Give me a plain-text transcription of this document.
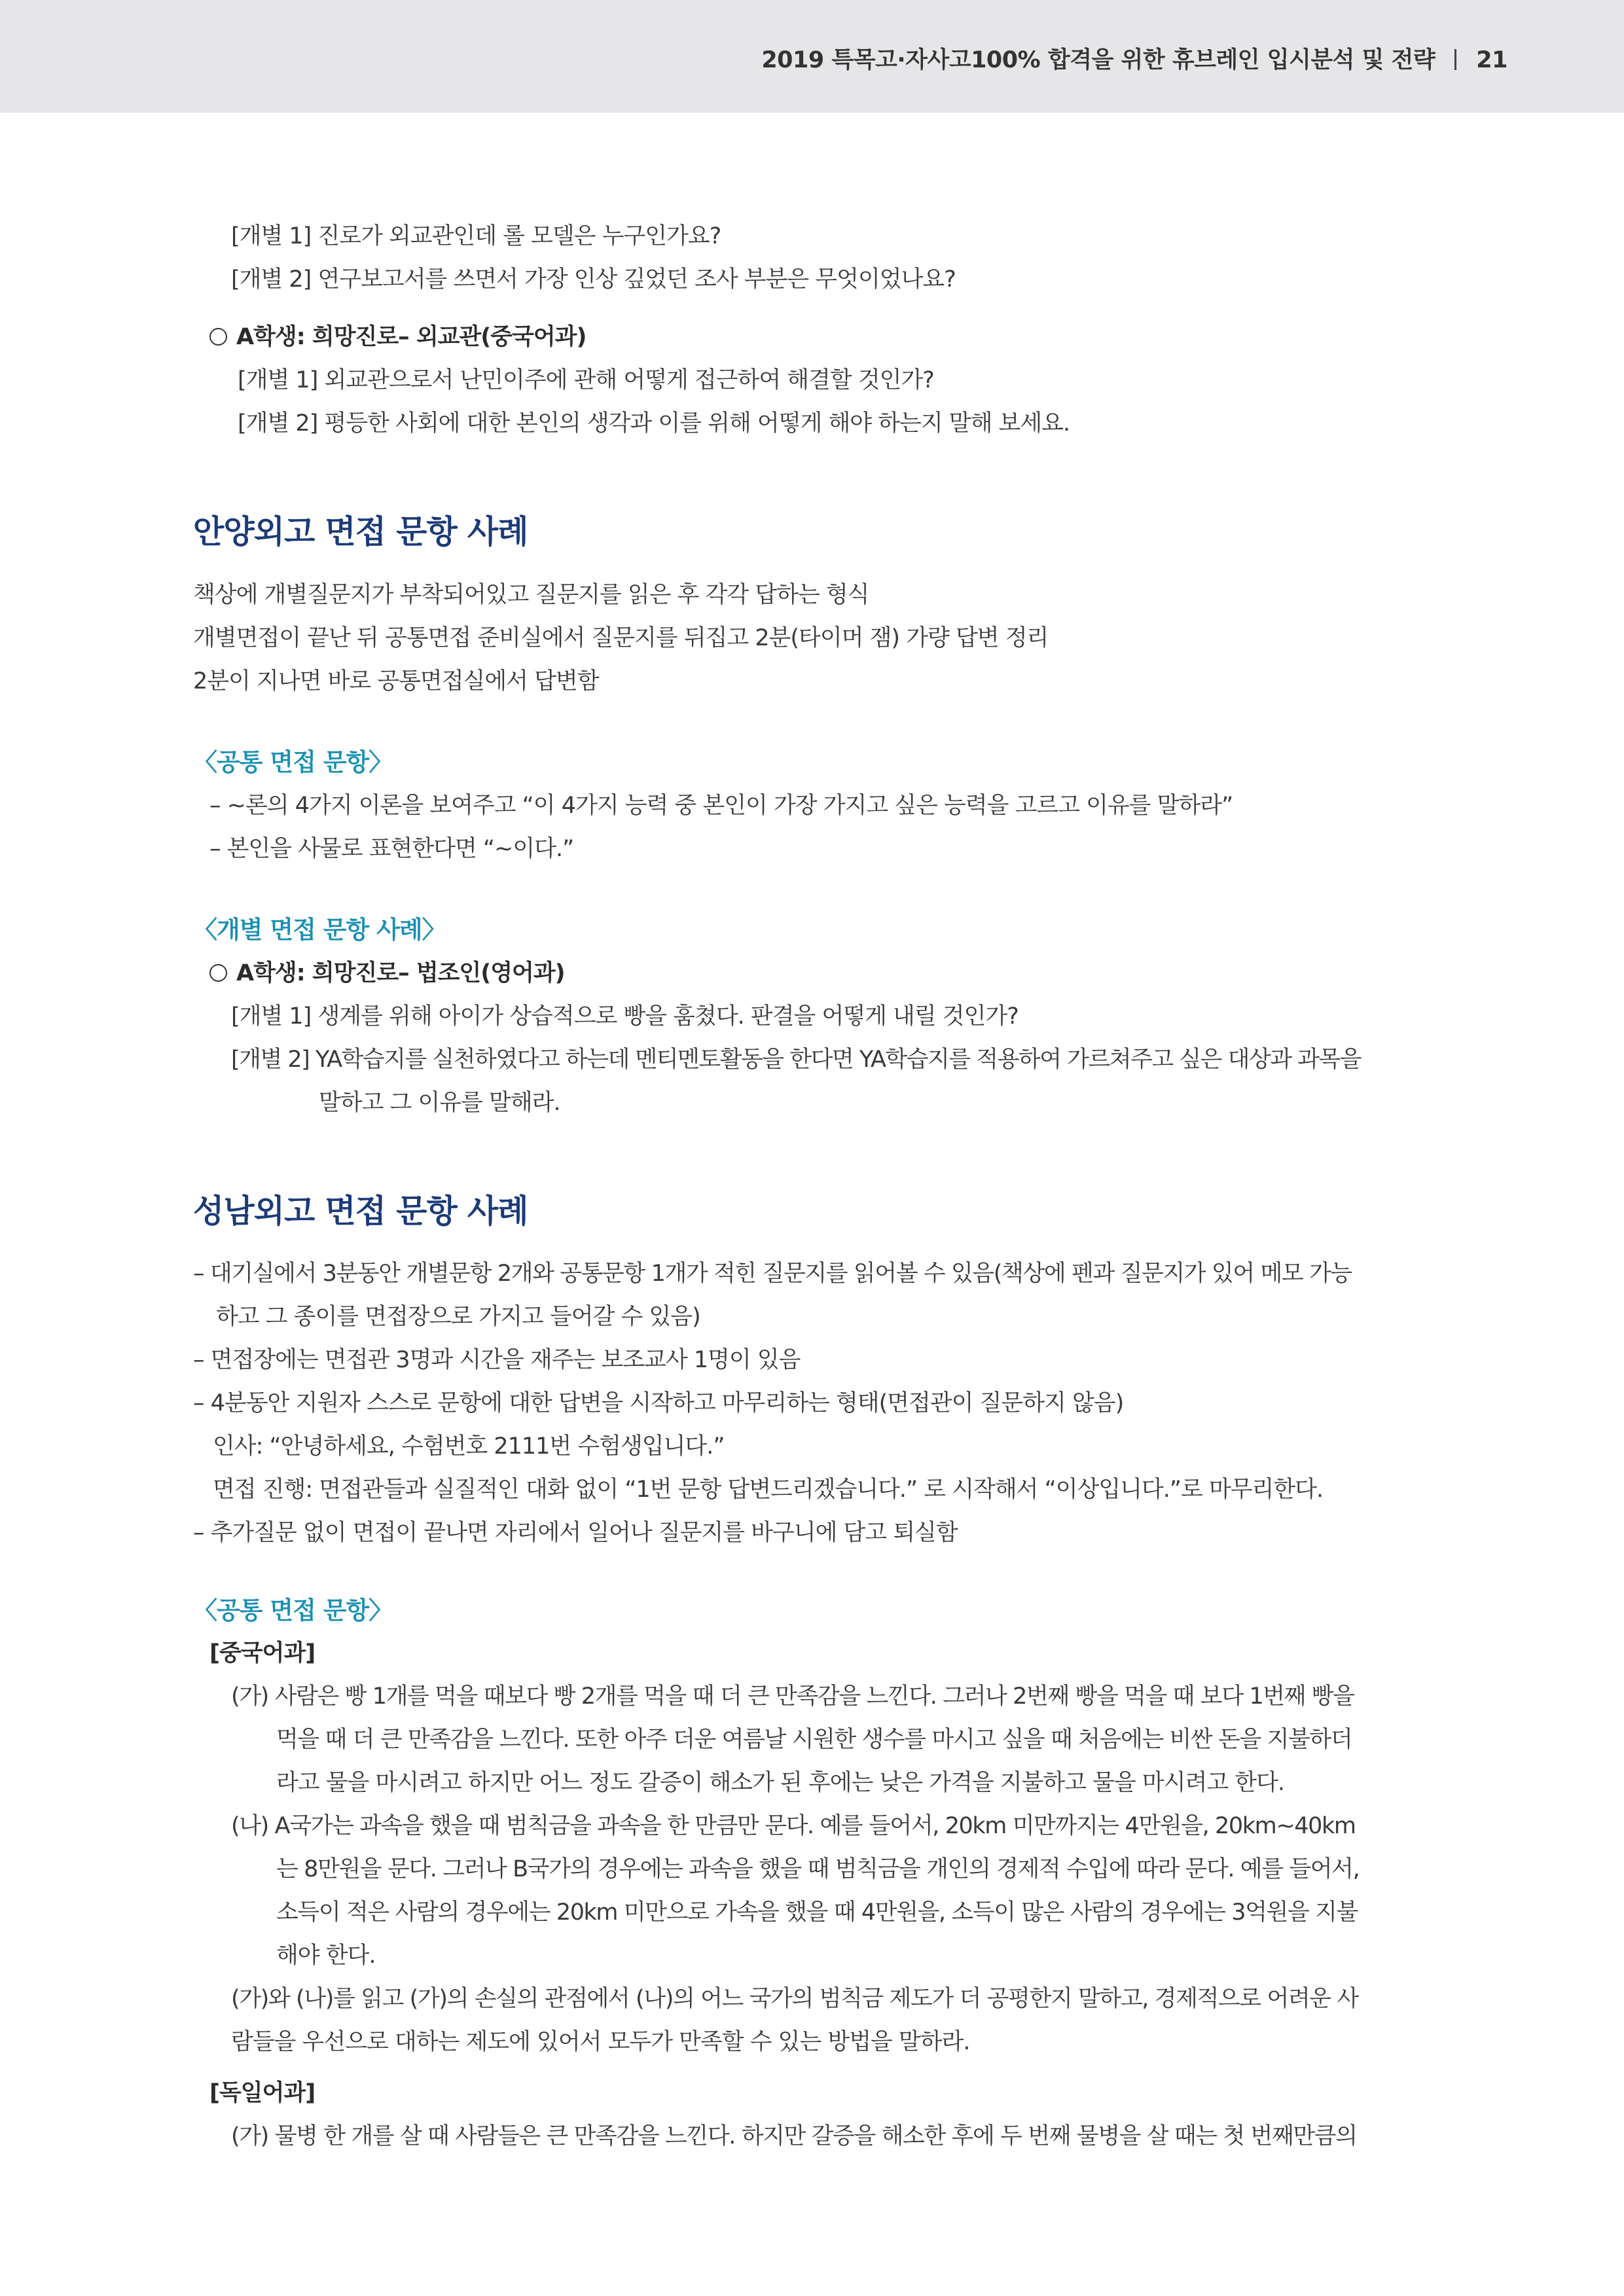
2019 특목고·자사고100% 합격을 위한 휴브레인 입시분석 및 전략 21
[개별 1] 진로가 외교관인데 롤 모델은 누구인가요?
[개별 2] 연구보고서를 쓰면서 가장 인상 깊었던 조사 부분은 무엇이었나요?
A학생: 희망진로– 외교관(중국어과)
[개별 1] 외교관으로서 난민이주에 관해 어떻게 접근하여 해결할 것인가?
[개별 2] 평등한 사회에 대한 본인의 생각과 이를 위해 어떻게 해야 하는지 말해 보세요.
안양외고 면접 문항 사례
책상에 개별질문지가 부착되어있고 질문지를 읽은 후 각각 답하는 형식
개별면접이 끝난 뒤 공통면접 준비실에서 질문지를 뒤집고 2분(타이머 잼) 가량 답변 정리
2분이 지나면 바로 공통면접실에서 답변함
〈공통 면접 문항〉
– ~론의 4가지 이론을 보여주고 “이 4가지 능력 중 본인이 가장 가지고 싶은 능력을 고르고 이유를 말하라”
– 본인을 사물로 표현한다면 “~이다.”
〈개별 면접 문항 사례〉
A학생: 희망진로– 법조인(영어과)
[개별 1] 생계를 위해 아이가 상습적으로 빵을 훔쳤다. 판결을 어떻게 내릴 것인가?
[개별 2] YA학습지를 실천하였다고 하는데 멘티멘토활동을 한다면 YA학습지를 적용하여 가르쳐주고 싶은 대상과 과목을
말하고 그 이유를 말해라.
성남외고 면접 문항 사례
– 대기실에서 3분동안 개별문항 2개와 공통문항 1개가 적힌 질문지를 읽어볼 수 있음(책상에 펜과 질문지가 있어 메모 가능
하고 그 종이를 면접장으로 가지고 들어갈 수 있음)
– 면접장에는 면접관 3명과 시간을 재주는 보조교사 1명이 있음
– 4분동안 지원자 스스로 문항에 대한 답변을 시작하고 마무리하는 형태(면접관이 질문하지 않음)
인사: “안녕하세요, 수험번호 2111번 수험생입니다.”
면접 진행: 면접관들과 실질적인 대화 없이 “1번 문항 답변드리겠습니다.” 로 시작해서 “이상입니다.”로 마무리한다.
– 추가질문 없이 면접이 끝나면 자리에서 일어나 질문지를 바구니에 담고 퇴실함
〈공통 면접 문항〉
[중국어과]
(가) 사람은 빵 1개를 먹을 때보다 빵 2개를 먹을 때 더 큰 만족감을 느낀다. 그러나 2번째 빵을 먹을 때 보다 1번째 빵을
먹을 때 더 큰 만족감을 느낀다. 또한 아주 더운 여름날 시원한 생수를 마시고 싶을 때 처음에는 비싼 돈을 지불하더
라고 물을 마시려고 하지만 어느 정도 갈증이 해소가 된 후에는 낮은 가격을 지불하고 물을 마시려고 한다.
(나) A국가는 과속을 했을 때 범칙금을 과속을 한 만큼만 문다. 예를 들어서, 20km 미만까지는 4만원을, 20km~40km
는 8만원을 문다. 그러나 B국가의 경우에는 과속을 했을 때 범칙금을 개인의 경제적 수입에 따라 문다. 예를 들어서,
소득이 적은 사람의 경우에는 20km 미만으로 가속을 했을 때 4만원을, 소득이 많은 사람의 경우에는 3억원을 지불
해야 한다.
(가)와 (나)를 읽고 (가)의 손실의 관점에서 (나)의 어느 국가의 범칙금 제도가 더 공평한지 말하고, 경제적으로 어려운 사
람들을 우선으로 대하는 제도에 있어서 모두가 만족할 수 있는 방법을 말하라.
[독일어과]
(가) 물병 한 개를 살 때 사람들은 큰 만족감을 느낀다. 하지만 갈증을 해소한 후에 두 번째 물병을 살 때는 첫 번째만큼의
